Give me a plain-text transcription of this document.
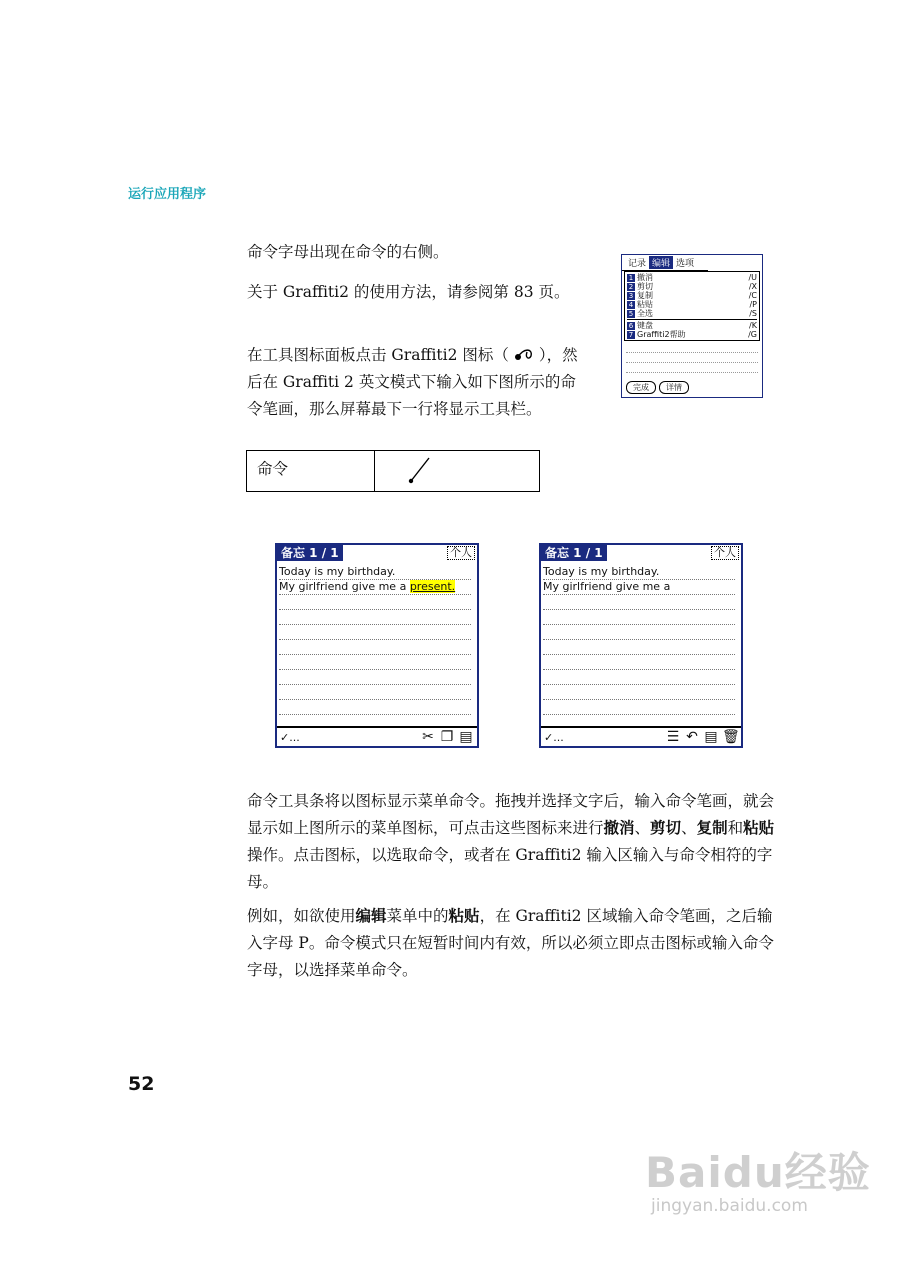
运行应用程序

命令字母出现在命令的右侧。

关于 Graffiti2 的使用方法，请参阅第 83 页。

在工具图标面板点击 Graffiti2 图标（ ），然后在 Graffiti 2 英文模式下输入如下图所示的命令笔画，那么屏幕最下一行将显示工具栏。

命令
记录 编辑 选项
1 撤消	/U
2 剪切	/X
3 复制	/C
4 粘贴	/P
5 全选	/S
6 键盘	/K
7 Graffiti2帮助	/G
完成	详情
备忘 1 / 1	个人
Today is my birthday.
My girlfriend give me a present.
✓...	✂ ❐ ▤
备忘 1 / 1	个人
Today is my birthday.
My girlfriend give me a
✓...	☰ ↶ ▤ 🗑

命令工具条将以图标显示菜单命令。拖拽并选择文字后，输入命令笔画，就会显示如上图所示的菜单图标，可点击这些图标来进行撤消、剪切、复制和粘贴操作。点击图标，以选取命令，或者在 Graffiti2 输入区输入与命令相符的字母。

例如，如欲使用编辑菜单中的粘贴，在 Graffiti2 区域输入命令笔画，之后输入字母 P。命令模式只在短暂时间内有效，所以必须立即点击图标或输入命令字母，以选择菜单命令。

52
Baidu经验
jingyan.baidu.com
